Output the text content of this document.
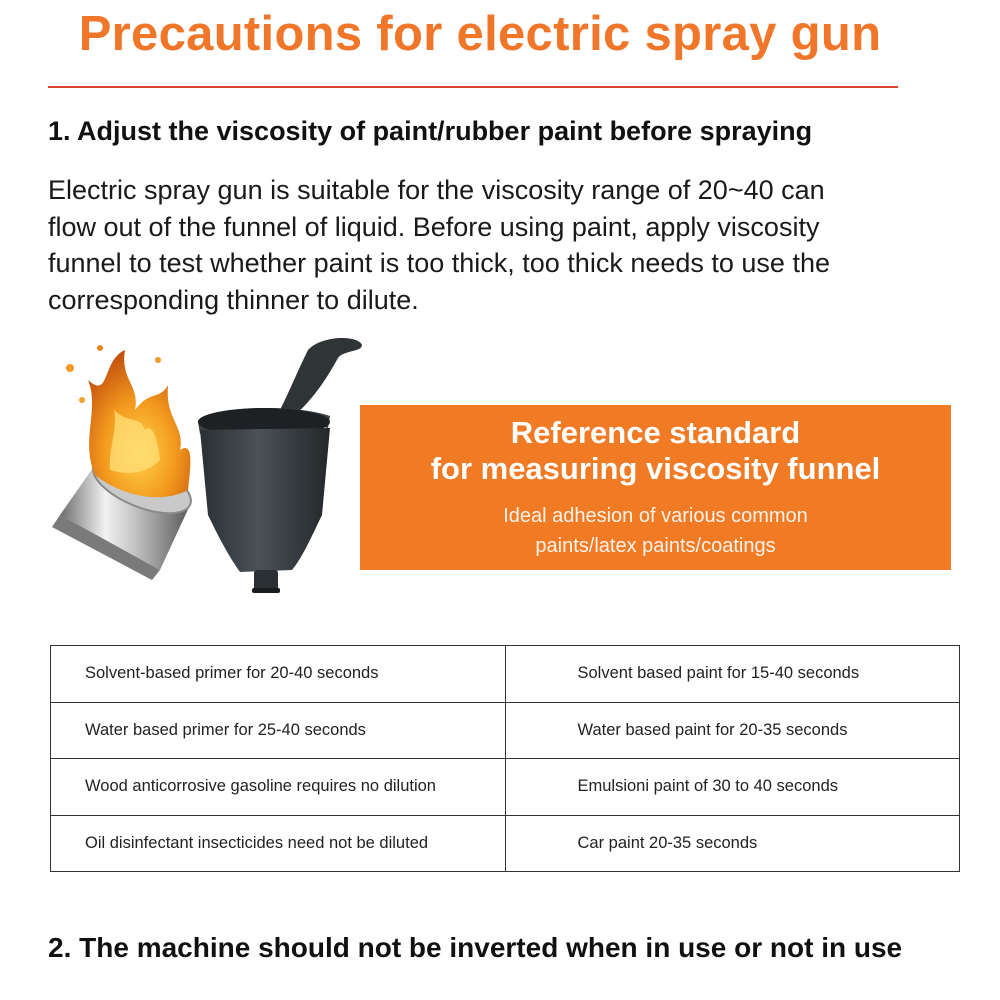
Precautions for electric spray gun
1. Adjust the viscosity of paint/rubber paint before spraying
Electric spray gun is suitable for the viscosity range of 20~40 can
flow out of the funnel of liquid. Before using paint, apply viscosity
funnel to test whether paint is too thick, too thick needs to use the
corresponding thinner to dilute.
Reference standard
for measuring viscosity funnel
Ideal adhesion of various common
paints/latex paints/coatings
Solvent-based primer for 20-40 seconds	Solvent based paint for 15-40 seconds
Water based primer for 25-40 seconds	Water based paint for 20-35 seconds
Wood anticorrosive gasoline requires no dilution	Emulsioni paint of 30 to 40 seconds
Oil disinfectant insecticides need not be diluted	Car paint 20-35 seconds
2. The machine should not be inverted when in use or not in use
